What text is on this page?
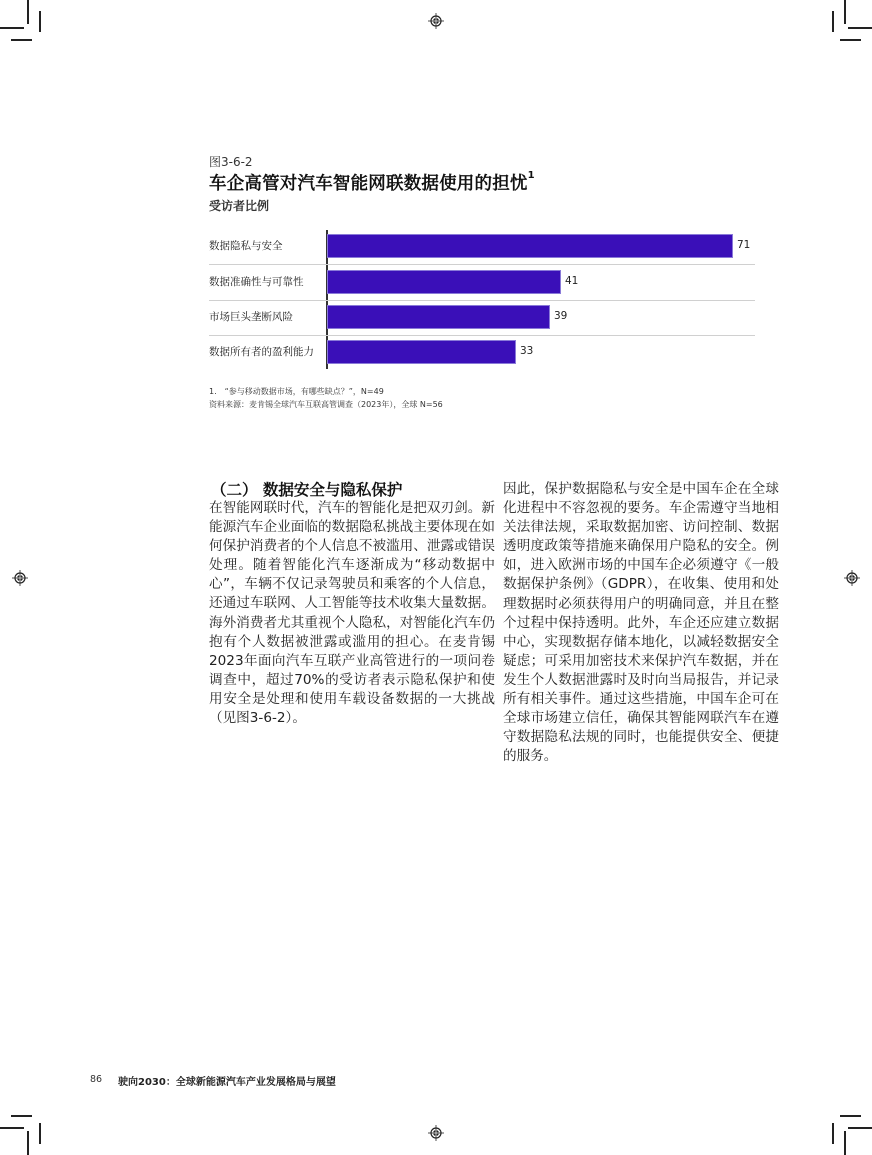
图3-6-2
车企高管对汽车智能网联数据使用的担忧$^1$
受访者比例
数据隐私与安全	71
数据准确性与可靠性	41
市场巨头垄断风险	39
数据所有者的盈利能力	33
1.　“参与移动数据市场，有哪些缺点？”，N=49
资料来源：麦肯锡全球汽车互联高管调查（2023年），全球 N=56
（二） 数据安全与隐私保护
在智能网联时代，汽车的智能化是把双刃剑。新能源汽车企业面临的数据隐私挑战主要体现在如何保护消费者的个人信息不被滥用、泄露或错误处理。随着智能化汽车逐渐成为“移动数据中心”，车辆不仅记录驾驶员和乘客的个人信息，还通过车联网、人工智能等技术收集大量数据。海外消费者尤其重视个人隐私，对智能化汽车仍抱有个人数据被泄露或滥用的担心。在麦肯锡2023年面向汽车互联产业高管进行的一项问卷调查中，超过70%的受访者表示隐私保护和使用安全是处理和使用车载设备数据的一大挑战（见图3-6-2）。
因此，保护数据隐私与安全是中国车企在全球化进程中不容忽视的要务。车企需遵守当地相关法律法规，采取数据加密、访问控制、数据透明度政策等措施来确保用户隐私的安全。例如，进入欧洲市场的中国车企必须遵守《一般数据保护条例》（GDPR），在收集、使用和处理数据时必须获得用户的明确同意，并且在整个过程中保持透明。此外，车企还应建立数据中心，实现数据存储本地化，以减轻数据安全疑虑；可采用加密技术来保护汽车数据，并在发生个人数据泄露时及时向当局报告，并记录所有相关事件。通过这些措施，中国车企可在全球市场建立信任，确保其智能网联汽车在遵守数据隐私法规的同时，也能提供安全、便捷的服务。
86 驶向2030：全球新能源汽车产业发展格局与展望
